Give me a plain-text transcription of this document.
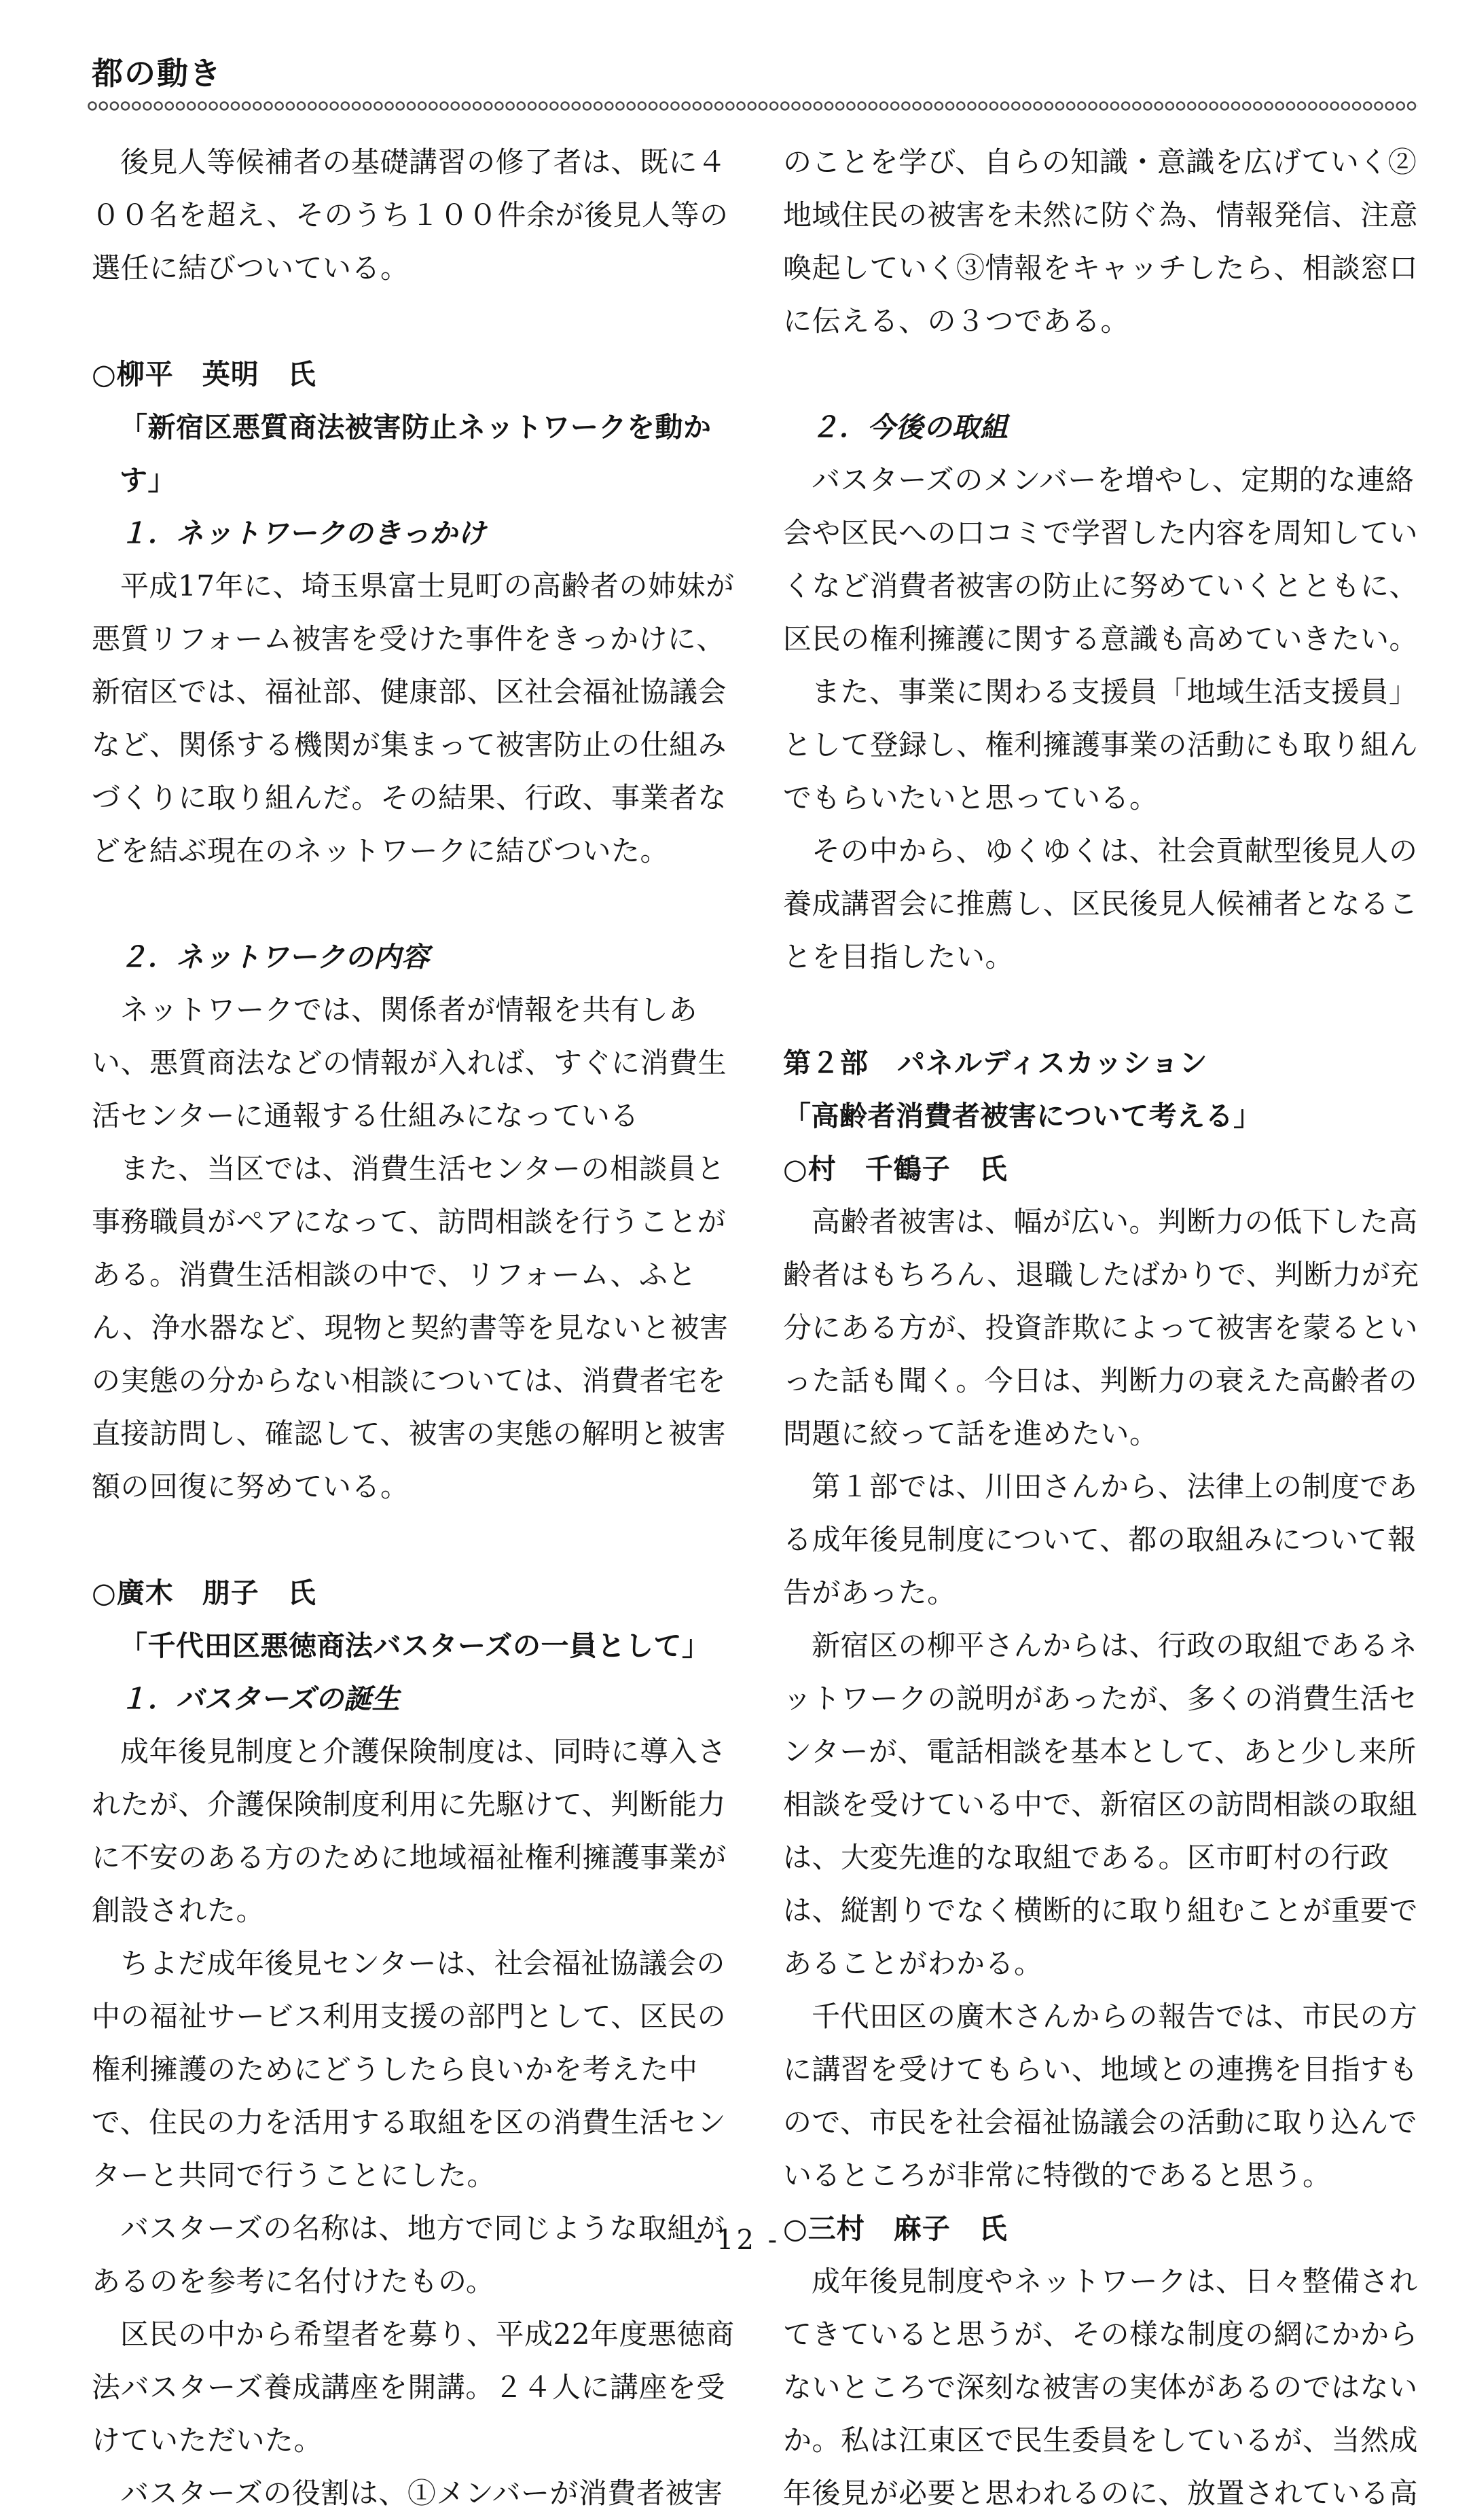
都の動き

後見人等候補者の基礎講習の修了者は、既に４００名を超え、そのうち１００件余が後見人等の選任に結びついている。

○柳平　英明　氏
「新宿区悪質商法被害防止ネットワークを動かす」
１．ネットワークのきっかけ

平成17年に、埼玉県富士見町の高齢者の姉妹が悪質リフォーム被害を受けた事件をきっかけに、新宿区では、福祉部、健康部、区社会福祉協議会など、関係する機関が集まって被害防止の仕組みづくりに取り組んだ。その結果、行政、事業者などを結ぶ現在のネットワークに結びついた。

２．ネットワークの内容

ネットワークでは、関係者が情報を共有しあい、悪質商法などの情報が入れば、すぐに消費生活センターに通報する仕組みになっている

また、当区では、消費生活センターの相談員と事務職員がペアになって、訪問相談を行うことがある。消費生活相談の中で、リフォーム、ふとん、浄水器など、現物と契約書等を見ないと被害の実態の分からない相談については、消費者宅を直接訪問し、確認して、被害の実態の解明と被害額の回復に努めている。

○廣木　朋子　氏
「千代田区悪徳商法バスターズの一員として」
１．バスターズの誕生

成年後見制度と介護保険制度は、同時に導入されたが、介護保険制度利用に先駆けて、判断能力に不安のある方のために地域福祉権利擁護事業が創設された。

ちよだ成年後見センターは、社会福祉協議会の中の福祉サービス利用支援の部門として、区民の権利擁護のためにどうしたら良いかを考えた中で、住民の力を活用する取組を区の消費生活センターと共同で行うことにした。

バスターズの名称は、地方で同じような取組があるのを参考に名付けたもの。

区民の中から希望者を募り、平成22年度悪徳商法バスターズ養成講座を開講。２４人に講座を受けていただいた。

バスターズの役割は、①メンバーが消費者被害

のことを学び、自らの知識・意識を広げていく②地域住民の被害を未然に防ぐ為、情報発信、注意喚起していく③情報をキャッチしたら、相談窓口に伝える、の３つである。

２．今後の取組

バスターズのメンバーを増やし、定期的な連絡会や区民への口コミで学習した内容を周知していくなど消費者被害の防止に努めていくとともに、区民の権利擁護に関する意識も高めていきたい。

また、事業に関わる支援員「地域生活支援員」として登録し、権利擁護事業の活動にも取り組んでもらいたいと思っている。

その中から、ゆくゆくは、社会貢献型後見人の養成講習会に推薦し、区民後見人候補者となることを目指したい。

第２部　パネルディスカッション
「高齢者消費者被害について考える」
○村　千鶴子　氏

高齢者被害は、幅が広い。判断力の低下した高齢者はもちろん、退職したばかりで、判断力が充分にある方が、投資詐欺によって被害を蒙るといった話も聞く。今日は、判断力の衰えた高齢者の問題に絞って話を進めたい。

第１部では、川田さんから、法律上の制度である成年後見制度について、都の取組みについて報告があった。

新宿区の柳平さんからは、行政の取組であるネットワークの説明があったが、多くの消費生活センターが、電話相談を基本として、あと少し来所相談を受けている中で、新宿区の訪問相談の取組は、大変先進的な取組である。区市町村の行政は、縦割りでなく横断的に取り組むことが重要であることがわかる。

千代田区の廣木さんからの報告では、市民の方に講習を受けてもらい、地域との連携を目指すもので、市民を社会福祉協議会の活動に取り込んでいるところが非常に特徴的であると思う。

○三村　麻子　氏

成年後見制度やネットワークは、日々整備されてきていると思うが、その様な制度の網にかからないところで深刻な被害の実体があるのではないか。私は江東区で民生委員をしているが、当然成年後見が必要と思われるのに、放置されている高

- 12 -
